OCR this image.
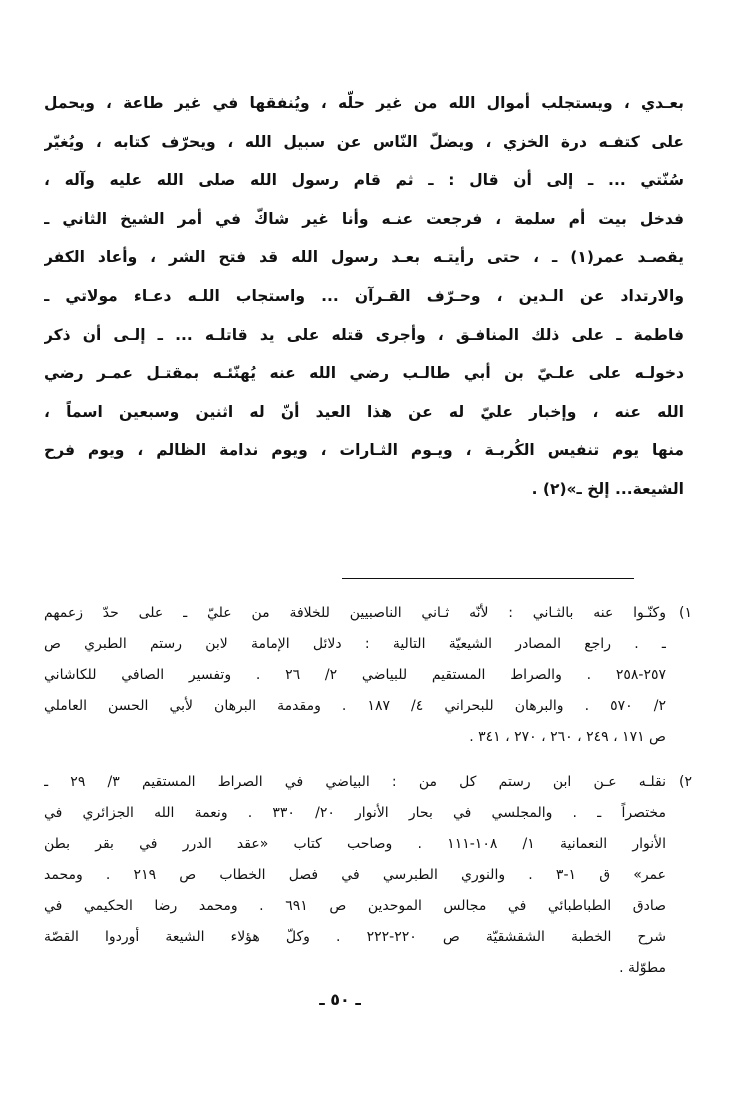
بعـدي ، ويستجلب أموال الله من غير حلّه ، ويُنفقها في غير طاعة ، ويحمل
على كتفـه درة الخزي ، ويضلّ النّاس عن سبيل الله ، ويحرّف كتابه ، ويُغيّر
سُنّتي ... ـ إلى أن قال : ـ ثم قام رسول الله صلى الله عليه وآله ،
فدخل بيت أم سلمة ، فرجعت عنـه وأنا غير شاكّ في أمر الشيخ الثاني ـ
يقصـد عمر(١) ـ ، حتى رأيتـه بعـد رسول الله قد فتح الشر ، وأعاد الكفر
والارتداد عن الـدين ، وحـرّف القـرآن ... واستجاب اللـه دعـاء مولاتي ـ
فاطمة ـ على ذلك المنافـق ، وأجرى قتله على يد قاتلـه ... ـ إلـى أن ذكر
دخولـه على علـيّ بن أبي طالـب رضي الله عنه يُهنّئـه بمقتـل عمـر رضي
الله عنه ، وإخبار عليّ له عن هذا العيد أنّ له اثنين وسبعين اسماً ،
منها يوم تنفيس الكُربـة ، ويـوم الثـارات ، ويوم ندامة الظالم ، ويوم فرح
الشيعة... إلخ ـ»(٢) .
١)
وكنّـوا عنه بالثـاني : لأنّه ثـاني الناصبيين للخلافة من عليّ ـ على حدّ زعمهم
ـ . راجع المصادر الشيعيّة التالية : دلائل الإمامة لابن رستم الطبري ص
٢٥٧-٢٥٨ . والصراط المستقيم للبياضي ٢/ ٢٦ . وتفسير الصافي للكاشاني
٢/ ٥٧٠ . والبرهان للبحراني ٤/ ١٨٧ . ومقدمة البرهان لأبي الحسن العاملي
ص ١٧١ ، ٢٤٩ ، ٢٦٠ ، ٢٧٠ ، ٣٤١ .
٢)
نقلـه عـن ابن رستم كل من : البياضي في الصراط المستقيم ٣/ ٢٩ ـ
مختصراً ـ . والمجلسي في بحار الأنوار ٢٠/ ٣٣٠ . ونعمة الله الجزائري في
الأنوار النعمانية ١/ ١٠٨-١١١ . وصاحب كتاب «عقد الدرر في بقر بطن
عمر» ق ١-٣ . والنوري الطبرسي في فصل الخطاب ص ٢١٩ . ومحمد
صادق الطباطبائي في مجالس الموحدين ص ٦٩١ . ومحمد رضا الحكيمي في
شرح الخطبة الشقشقيّة ص ٢٢٠-٢٢٢ . وكلّ هؤلاء الشيعة أوردوا القصّة
مطوّلة .
ـ ٥٠ ـ
